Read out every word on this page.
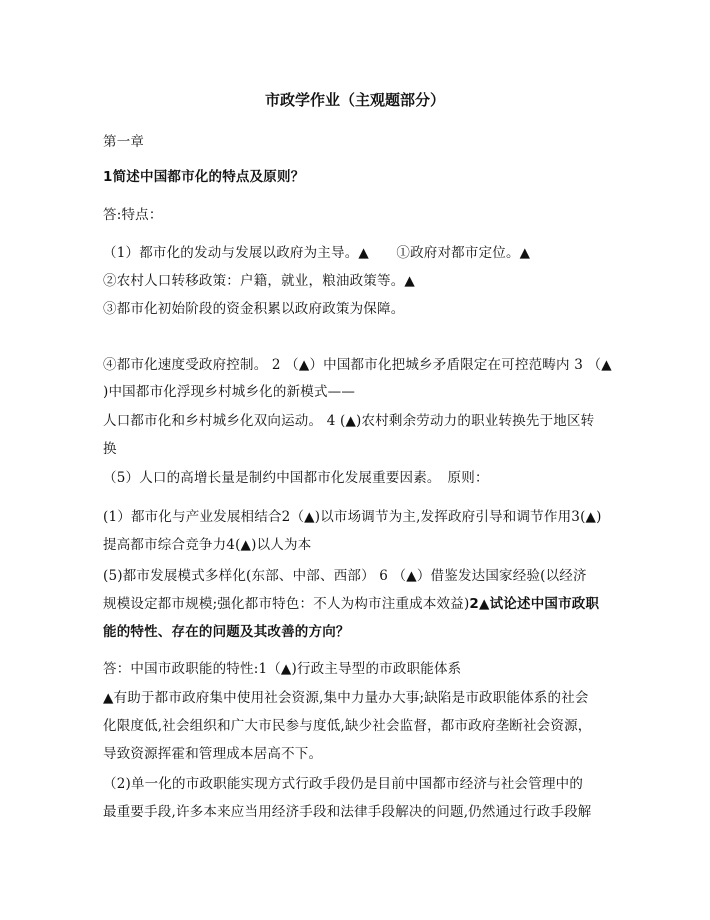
市政学作业（主观题部分）
第一章
1简述中国都市化的特点及原则？
答:特点：
（1）都市化的发动与发展以政府为主导。▲　　①政府对都市定位。▲
②农村人口转移政策：户籍，就业，粮油政策等。▲
③都市化初始阶段的资金积累以政府政策为保障。
④都市化速度受政府控制。 2 （▲）中国都市化把城乡矛盾限定在可控范畴内 3 （▲
)中国都市化浮现乡村城乡化的新模式——
人口都市化和乡村城乡化双向运动。 4 (▲)农村剩余劳动力的职业转换先于地区转
换
（5）人口的高增长量是制约中国都市化发展重要因素。　原则：
(1）都市化与产业发展相结合2（▲)以市场调节为主,发挥政府引导和调节作用3(▲)
提高都市综合竞争力4(▲)以人为本
(5)都市发展模式多样化(东部、中部、西部） 6 （▲）借鉴发达国家经验(以经济
规模设定都市规模;强化都市特色：不人为构市注重成本效益)2▲试论述中国市政职
能的特性、存在的问题及其改善的方向？
答：中国市政职能的特性:1（▲)行政主导型的市政职能体系
▲有助于都市政府集中使用社会资源,集中力量办大事;缺陷是市政职能体系的社会
化限度低,社会组织和广大市民参与度低,缺少社会监督，都市政府垄断社会资源，
导致资源挥霍和管理成本居高不下。
（2)单一化的市政职能实现方式行政手段仍是目前中国都市经济与社会管理中的
最重要手段,许多本来应当用经济手段和法律手段解决的问题,仍然通过行政手段解
